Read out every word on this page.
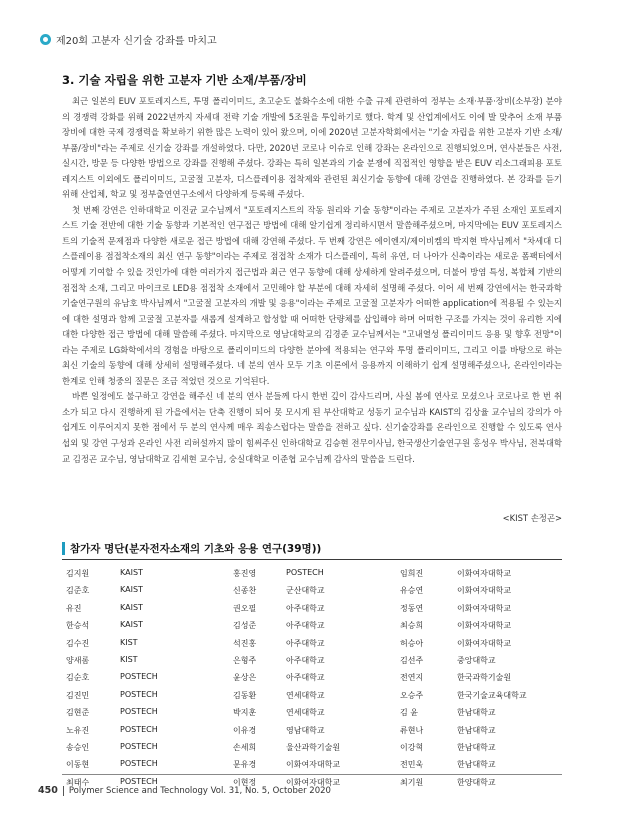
제20회 고분자 신기술 강좌를 마치고
3. 기술 자립을 위한 고분자 기반 소재/부품/장비

최근 일본의 EUV 포토레지스트, 투명 폴리이미드, 초고순도 불화수소에 대한 수출 규제 관련하여 정부는 소재·부품·장비(소부장) 분야의 경쟁력 강화를 위해 2022년까지 자세대 전략 기술 개발에 5조원을 투입하기로 했다. 학계 및 산업계에서도 이에 발 맞추어 소재 부품 장비에 대한 국제 경쟁력을 확보하기 위한 많은 노력이 있어 왔으며, 이에 2020년 고분자학회에서는 "기술 자립을 위한 고분자 기반 소재/부품/장비"라는 주제로 신기술 강좌를 개설하였다. 다만, 2020년 코로나 이슈로 인해 강좌는 온라인으로 진행되었으며, 연사분들은 사전, 실시간, 방문 등 다양한 방법으로 강좌를 진행해 주셨다. 강좌는 특히 일본과의 기술 분쟁에 직접적인 영향을 받은 EUV 리소그래피용 포토레지스트 이외에도 폴리이미드, 고굴절 고분자, 디스플레이용 접착제와 관련된 최신기술 동향에 대해 강연을 진행하였다. 본 강좌를 듣기 위해 산업체, 학교 및 정부출연연구소에서 다양하게 등록해 주셨다.

첫 번째 강연은 인하대학교 이진균 교수님께서 "포토레지스트의 작동 원리와 기술 동향"이라는 주제로 고분자가 주된 소재인 포토레지스트 기술 전반에 대한 기술 동향과 기본적인 연구접근 방법에 대해 알기쉽게 정리하시면서 말씀해주셨으며, 마지막에는 EUV 포토레지스트의 기술적 문제점과 다양한 새로운 접근 방법에 대해 강연해 주셨다. 두 번째 강연은 에이엔지/제이비켐의 박지현 박사님께서 "차세대 디스플레이용 점접착소재의 최신 연구 동향"이라는 주제로 점접착 소재가 디스플레이, 특히 유연, 더 나아가 신축이라는 새로운 폼팩터에서 어떻게 기여할 수 있을 것인가에 대한 여러가지 접근법과 최근 연구 동향에 대해 상세하게 알려주셨으며, 더불어 방염 특성, 복합체 기반의 점접착 소재, 그리고 마이크로 LED용 점접착 소재에서 고민해야 할 부분에 대해 자세히 설명해 주셨다. 이어 세 번째 강연에서는 한국과학기술연구원의 유남호 박사님께서 "고굴절 고분자의 개발 및 응용"이라는 주제로 고굴절 고분자가 어떠한 application에 적용될 수 있는지에 대한 설명과 함께 고굴절 고분자를 새롭게 설계하고 합성할 때 어떠한 단량체를 삽입해야 하며 어떠한 구조를 가지는 것이 유리한 지에 대한 다양한 접근 방법에 대해 말씀해 주셨다. 마지막으로 영남대학교의 김경준 교수님께서는 "고내열성 폴리이미드 응용 및 향후 전망"이라는 주제로 LG화학에서의 경험을 바탕으로 폴리이미드의 다양한 분야에 적용되는 연구와 투명 폴리이미드, 그리고 이를 바탕으로 하는 최신 기술의 동향에 대해 상세히 설명해주셨다. 네 분의 연사 모두 기초 이론에서 응용까지 이해하기 쉽게 설명해주셨으나, 온라인이라는 한계로 인해 청중의 질문은 조금 적었던 것으로 기억된다.

바쁜 일정에도 불구하고 강연을 해주신 네 분의 연사 분들께 다시 한번 깊이 감사드리며, 사실 봄에 연사로 모셨으나 코로나로 한 번 취소가 되고 다시 진행하게 된 가을에서는 단축 진행이 되어 못 모시게 된 부산대학교 성동기 교수님과 KAIST의 김상율 교수님의 강의가 아쉽게도 이루어지지 못한 점에서 두 분의 연사께 매우 죄송스럽다는 말씀을 전하고 싶다. 신기술강좌를 온라인으로 진행할 수 있도록 연사 섭외 및 강연 구성과 온라인 사전 리허설까지 많이 힘써주신 인하대학교 김승현 전무이사님, 한국생산기술연구원 홍성우 박사님, 전북대학교 김정곤 교수님, 영남대학교 김세현 교수님, 숭실대학교 이준협 교수님께 감사의 말씀을 드린다.

<KIST 손정곤>
참가자 명단(분자전자소재의 기초와 응용 연구(39명))
김지원	KAIST	홍진영	POSTECH	임희진	이화여자대학교
김준호	KAIST	신종찬	군산대학교	유승연	이화여자대학교
유진	KAIST	권오필	아주대학교	정동연	이화여자대학교
한승석	KAIST	김성준	아주대학교	최승희	이화여자대학교
김수진	KIST	석진홍	아주대학교	허승아	이화여자대학교
양새롬	KIST	은형주	아주대학교	김선주	중앙대학교
김순호	POSTECH	윤상은	아주대학교	전연지	한국과학기술원
김진민	POSTECH	김동환	연세대학교	오승주	한국기술교육대학교
김현준	POSTECH	박지훈	연세대학교	김 윤	한남대학교
노유진	POSTECH	이유경	영남대학교	류현나	한남대학교
송승인	POSTECH	손세희	울산과학기술원	이강혁	한남대학교
이동현	POSTECH	문유경	이화여자대학교	전민욱	한남대학교
최태수	POSTECH	이현정	이화여자대학교	최기원	한양대학교
450 Polymer Science and Technology Vol. 31, No. 5, October 2020
